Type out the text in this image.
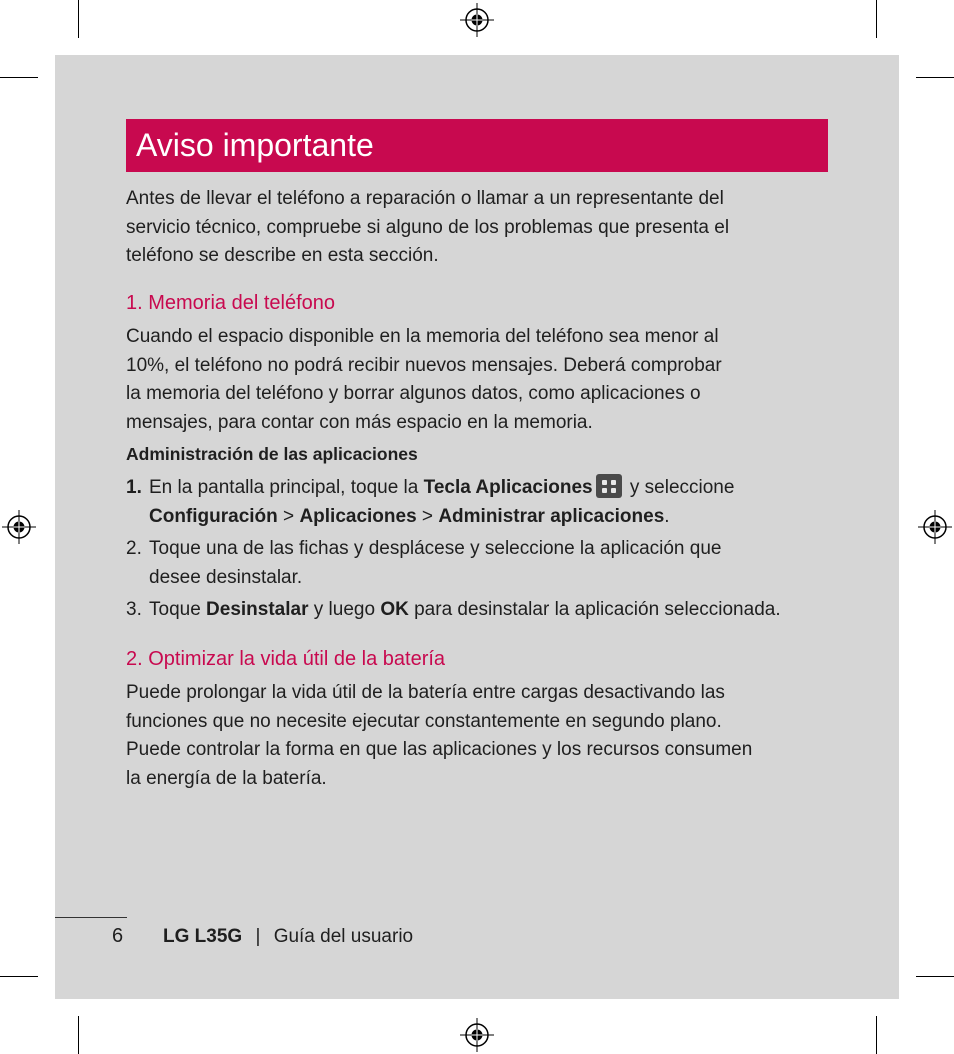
Aviso importante

Antes de llevar el teléfono a reparación o llamar a un representante del

servicio técnico, compruebe si alguno de los problemas que presenta el

teléfono se describe en esta sección.

1. Memoria del teléfono

Cuando el espacio disponible en la memoria del teléfono sea menor al

10%, el teléfono no podrá recibir nuevos mensajes. Deberá comprobar

la memoria del teléfono y borrar algunos datos, como aplicaciones o

mensajes, para contar con más espacio en la memoria.

Administración de las aplicaciones
1. En la pantalla principal, toque la Tecla Aplicaciones
y seleccione

Configuración > Aplicaciones > Administrar aplicaciones.

2. Toque una de las fichas y desplácese y seleccione la aplicación que

desee desinstalar.

3. Toque Desinstalar y luego OK para desinstalar la aplicación seleccionada.

2. Optimizar la vida útil de la batería

Puede prolongar la vida útil de la batería entre cargas desactivando las

funciones que no necesite ejecutar constantemente en segundo plano.

Puede controlar la forma en que las aplicaciones y los recursos consumen

la energía de la batería.

6 LG L35G | Guía del usuario
